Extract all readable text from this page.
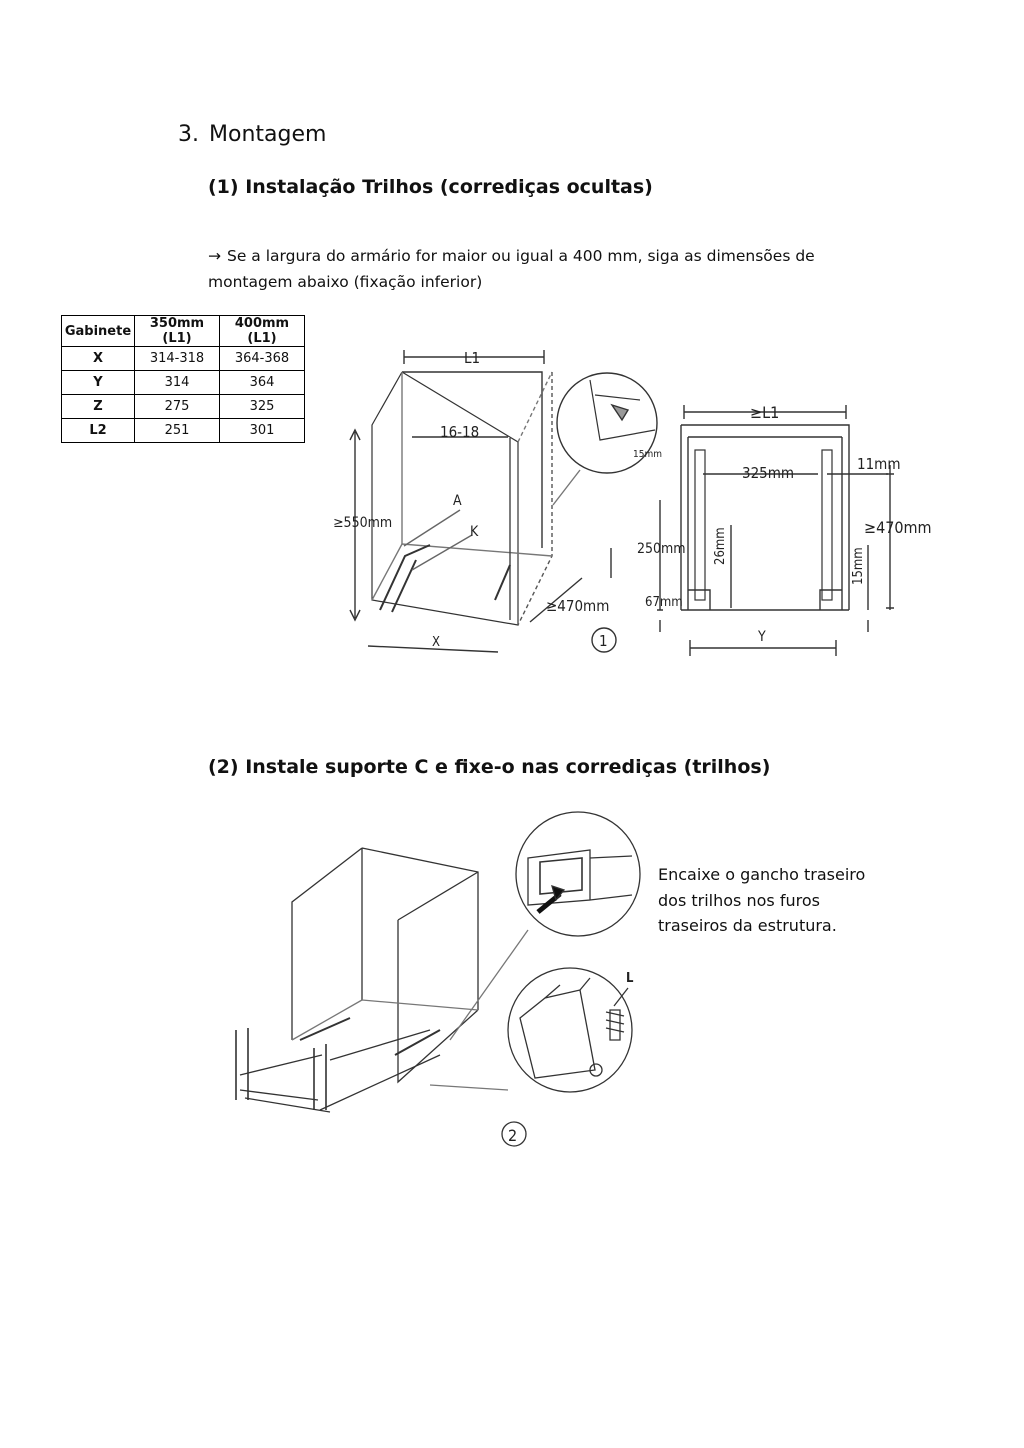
3. Montagem
(1) Instalação Trilhos (corrediças ocultas)
→ Se a largura do armário for maior ou igual a 400 mm, siga as dimensões de montagem abaixo (fixação inferior)
Gabinete	350mm (L1)	400mm (L1)
X	314-318	364-368
Y	314	364
Z	275	325
L2	251	301
L1
16-18
≥550mm
A
K
≥470mm
X
15mm
1
≥L1
325mm	11mm
250mm
67mm
≥470mm
Y
26mm
15mm
(2) Instale suporte C e fixe-o nas corrediças (trilhos)
L
2
Encaixe o gancho traseiro
dos trilhos nos furos
traseiros da estrutura.
